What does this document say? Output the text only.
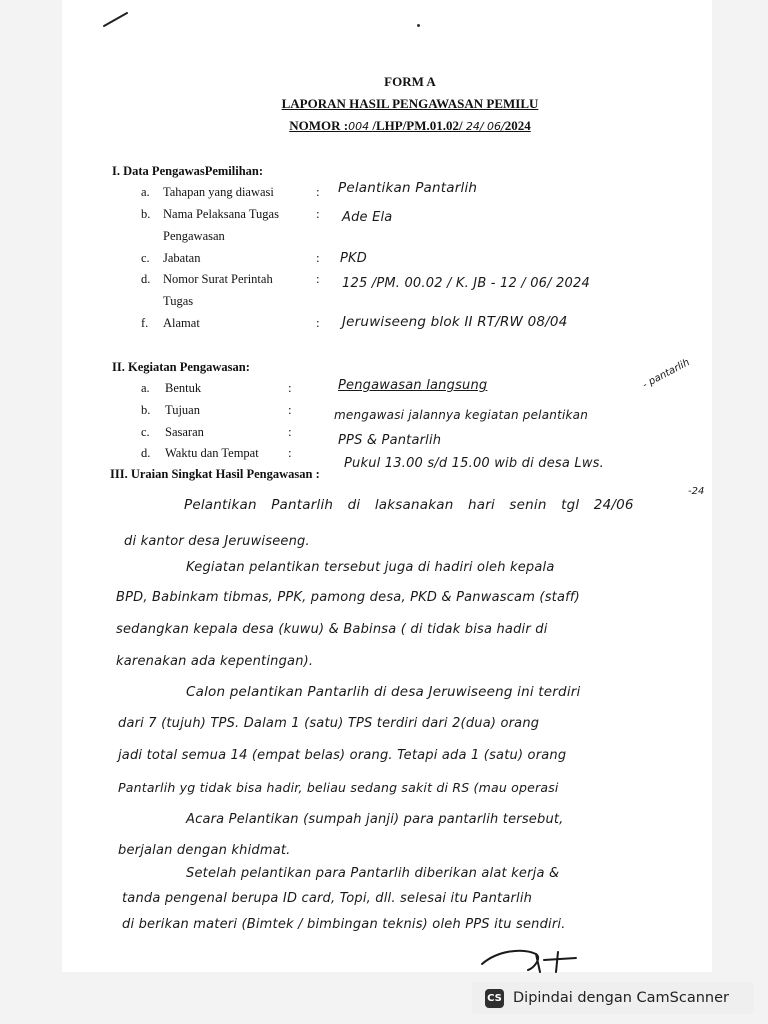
FORM A
LAPORAN HASIL PENGAWASAN PEMILU
NOMOR :004 /LHP/PM.01.02/ 24/ 06/2024
I. Data PengawasPemilihan:
a. Tahapan yang diawasi	: Pelantikan Pantarlih
b. Nama Pelaksana Tugas
Pengawasan
: Ade Ela
c. Jabatan	: PKD
d. Nomor Surat Perintah
Tugas
: 125 /PM. 00.02 / K. JB - 12 / 06/ 2024
f. Alamat	: Jeruwiseeng blok II RT/RW 08/04
II. Kegiatan Pengawasan:
a. Bentuk	:	Pengawasan langsung
b. Tujuan	:	mengawasi jalannya kegiatan pelantikan
- pantarlih
c. Sasaran	:
PPS & Pantarlih
d. Waktu dan Tempat :
Pukul 13.00 s/d 15.00 wib di desa Lws.
III. Uraian Singkat Hasil Pengawasan :
Pelantikan Pantarlih di laksanakan hari senin tgl 24/06
-24
di kantor desa Jeruwiseeng.
Kegiatan pelantikan tersebut juga di hadiri oleh kepala
BPD, Babinkam tibmas, PPK, pamong desa, PKD & Panwascam (staff)
sedangkan kepala desa (kuwu) & Babinsa ( di tidak bisa hadir di
karenakan ada kepentingan).
Calon pelantikan Pantarlih di desa Jeruwiseeng ini terdiri
dari 7 (tujuh) TPS. Dalam 1 (satu) TPS terdiri dari 2(dua) orang
jadi total semua 14 (empat belas) orang. Tetapi ada 1 (satu) orang
Pantarlih yg tidak bisa hadir, beliau sedang sakit di RS (mau operasi
Acara Pelantikan (sumpah janji) para pantarlih tersebut,
berjalan dengan khidmat.
Setelah pelantikan para Pantarlih diberikan alat kerja &
tanda pengenal berupa ID card, Topi, dll. selesai itu Pantarlih
di berikan materi (Bimtek / bimbingan teknis) oleh PPS itu sendiri.
CS Dipindai dengan CamScanner
